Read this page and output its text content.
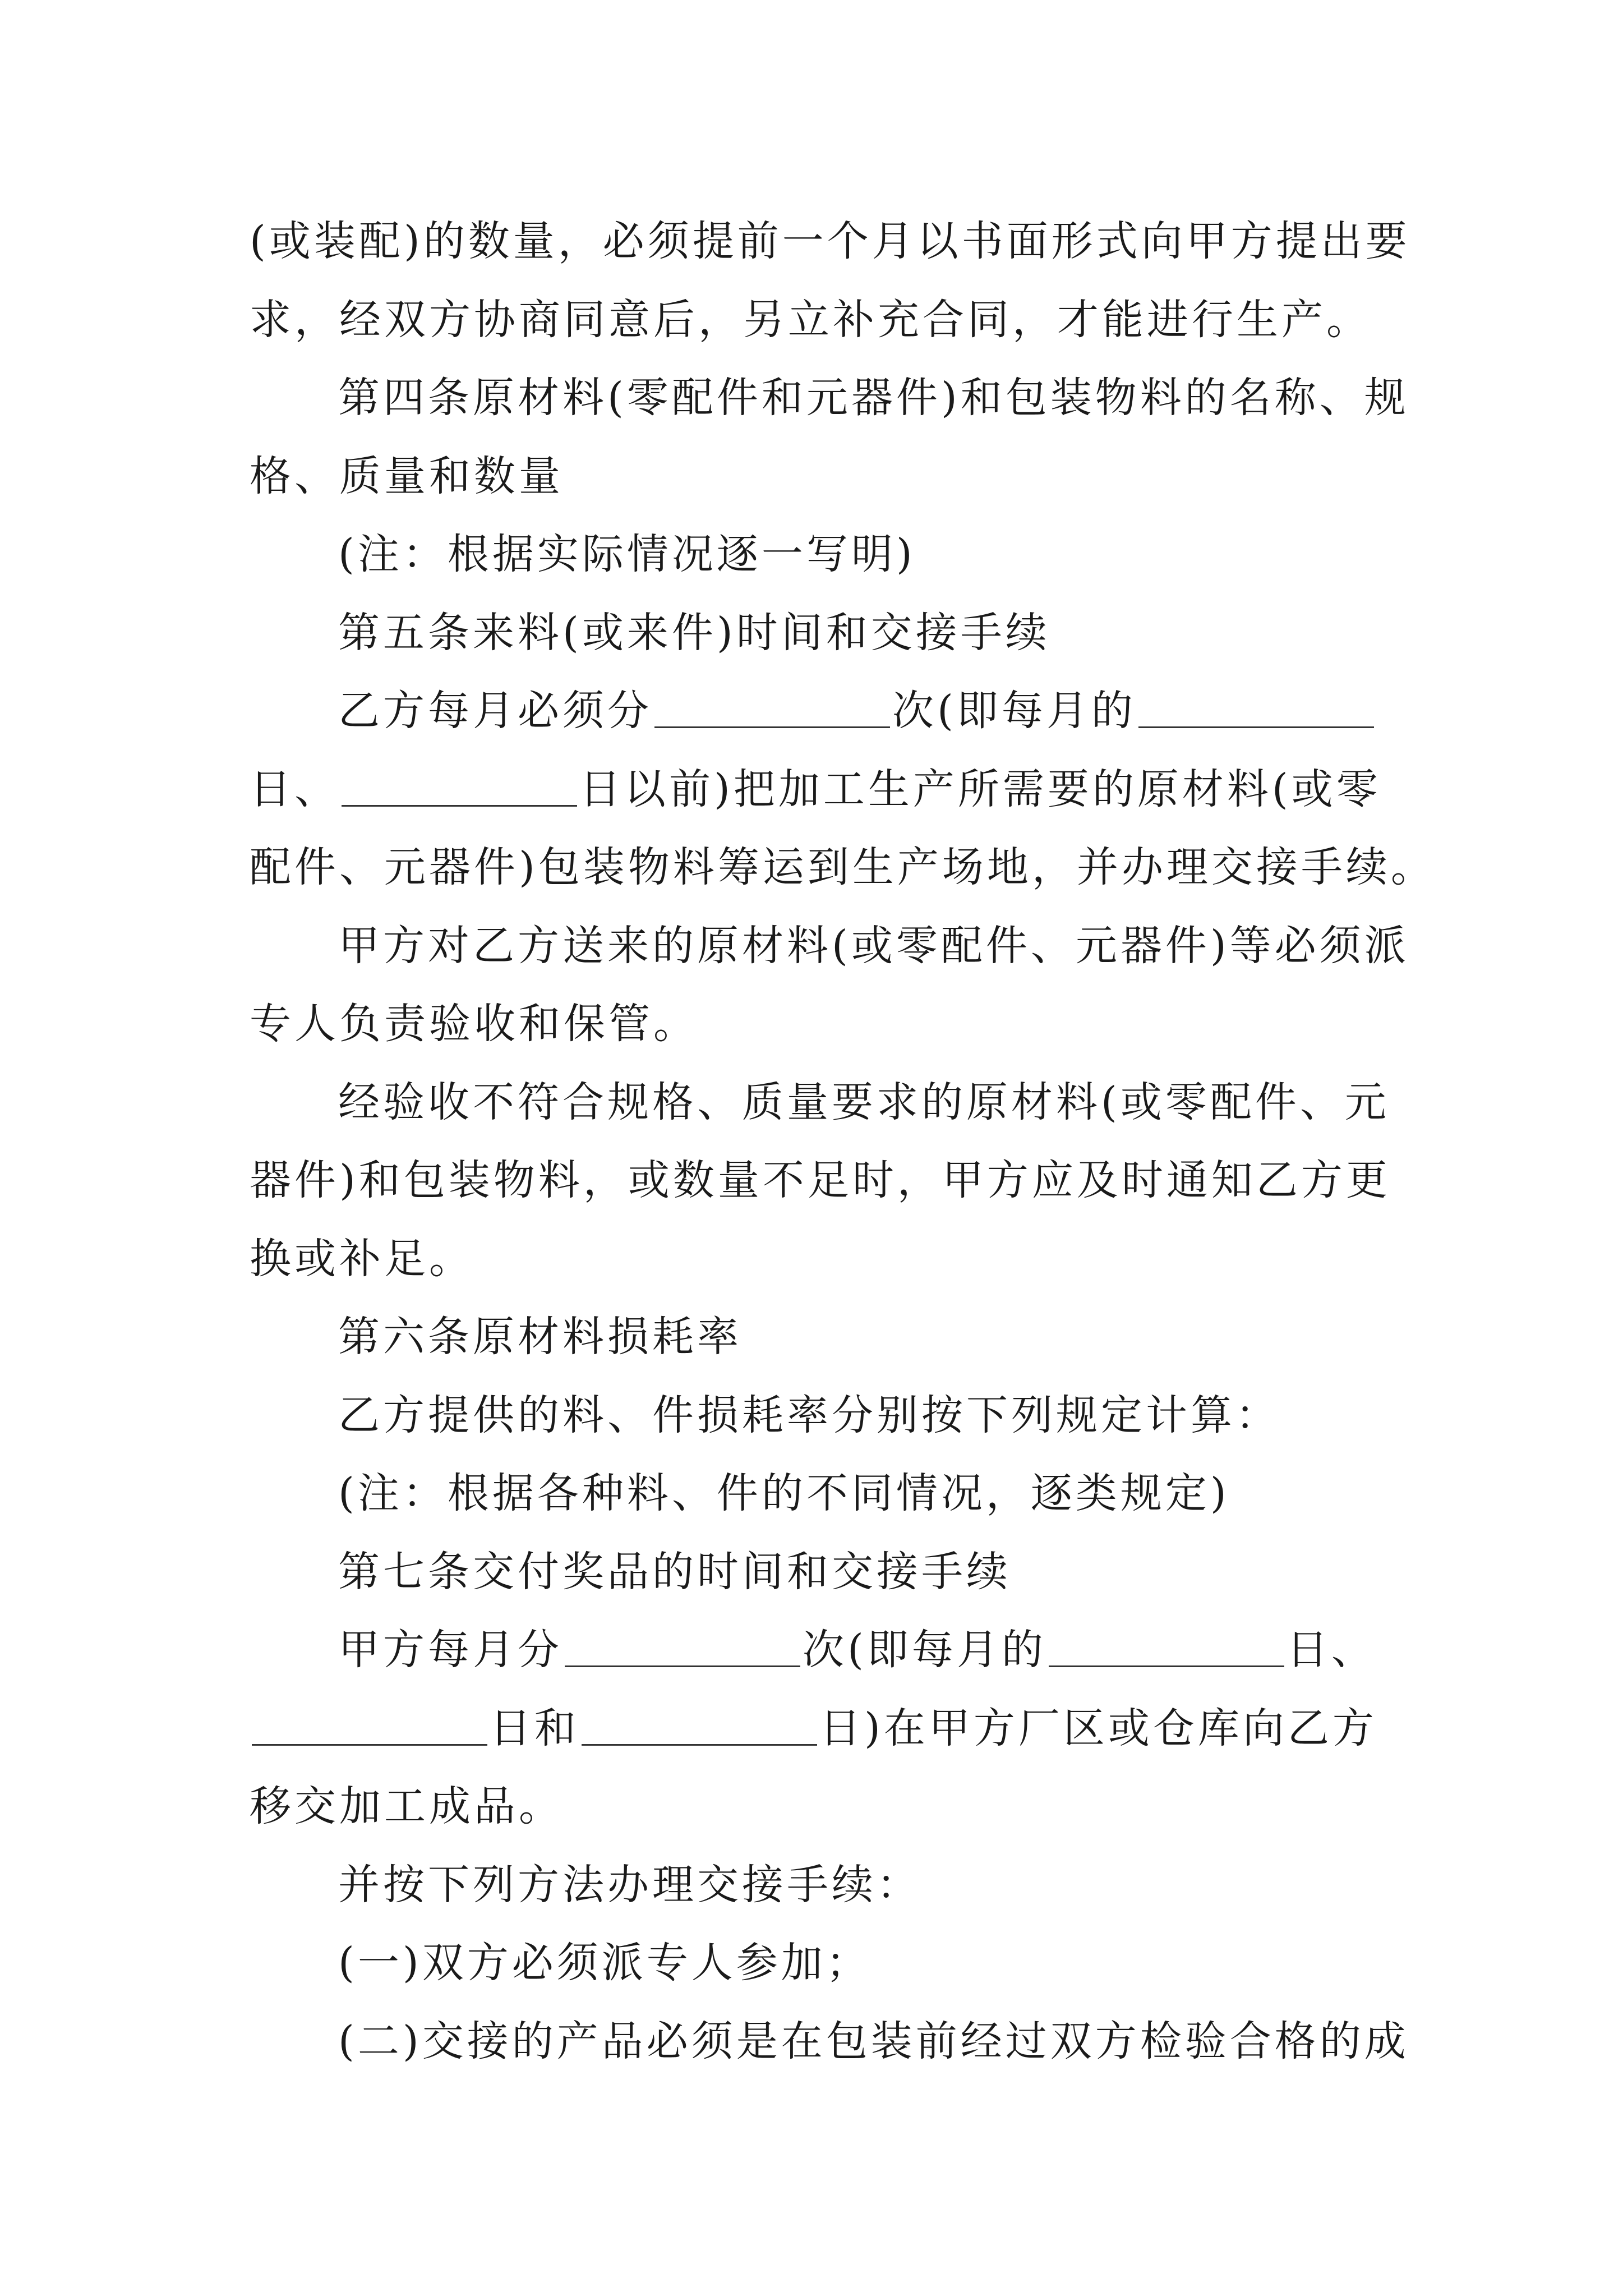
(或装配)的数量，必须提前一个月以书面形式向甲方提出要
求，经双方协商同意后，另立补充合同，才能进行生产。
第四条原材料(零配件和元器件)和包装物料的名称、规
格、质量和数量
(注：根据实际情况逐一写明)
第五条来料(或来件)时间和交接手续
乙方每月必须分	次(即每月的
日、	日以前)把加工生产所需要的原材料(或零
配件、元器件)包装物料筹运到生产场地，并办理交接手续。
甲方对乙方送来的原材料(或零配件、元器件)等必须派
专人负责验收和保管。
经验收不符合规格、质量要求的原材料(或零配件、元
器件)和包装物料，或数量不足时，甲方应及时通知乙方更
换或补足。
第六条原材料损耗率
乙方提供的料、件损耗率分别按下列规定计算：
(注：根据各种料、件的不同情况，逐类规定)
第七条交付奖品的时间和交接手续
甲方每月分	次(即每月的	日、
日和	日)在甲方厂区或仓库向乙方
移交加工成品。
并按下列方法办理交接手续：
(一)双方必须派专人参加；
(二)交接的产品必须是在包装前经过双方检验合格的成
